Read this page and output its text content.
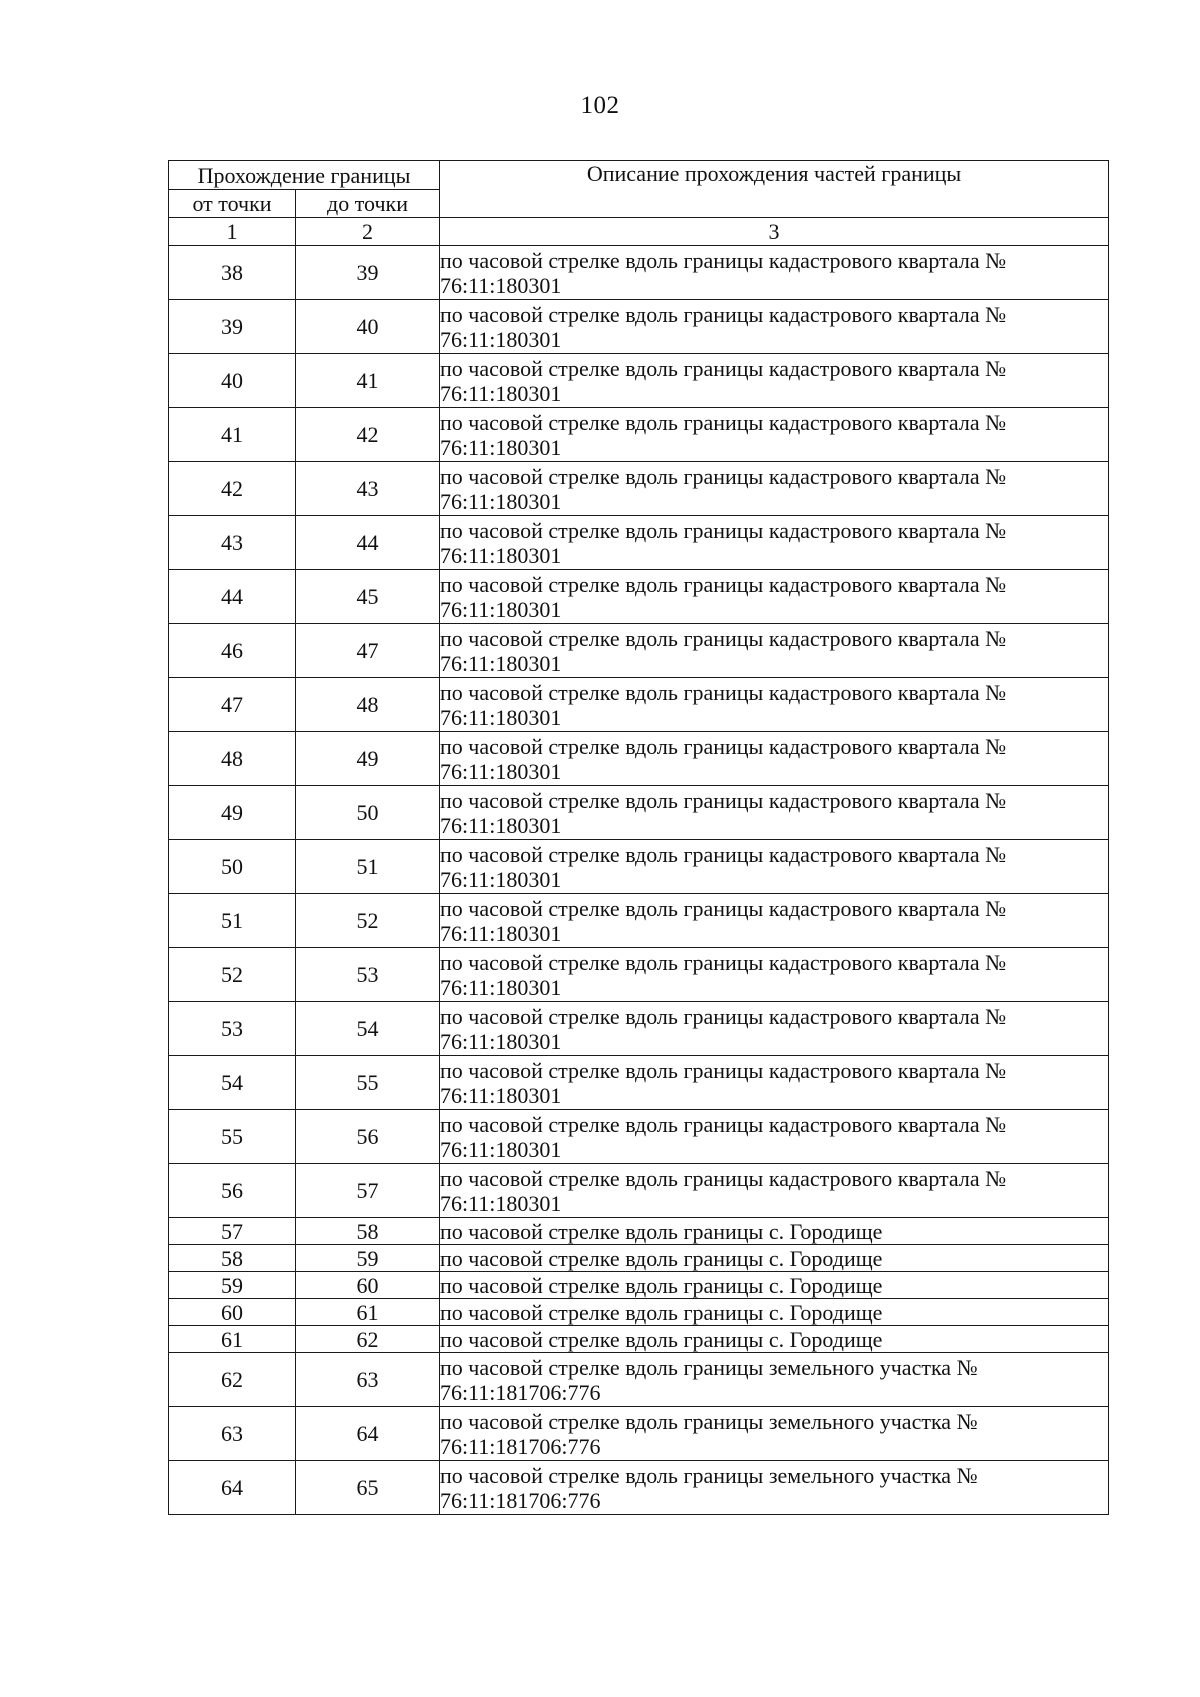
102
Прохождение границы		Описание прохождения частей границы
от точки	до точки	
1	2	3
38	39	по часовой стрелке вдоль границы кадастрового квартала №
76:11:180301

39	40	по часовой стрелке вдоль границы кадастрового квартала №
76:11:180301

40	41	по часовой стрелке вдоль границы кадастрового квартала №
76:11:180301

41	42	по часовой стрелке вдоль границы кадастрового квартала №
76:11:180301

42	43	по часовой стрелке вдоль границы кадастрового квартала №
76:11:180301

43	44	по часовой стрелке вдоль границы кадастрового квартала №
76:11:180301

44	45	по часовой стрелке вдоль границы кадастрового квартала №
76:11:180301

46	47	по часовой стрелке вдоль границы кадастрового квартала №
76:11:180301

47	48	по часовой стрелке вдоль границы кадастрового квартала №
76:11:180301

48	49	по часовой стрелке вдоль границы кадастрового квартала №
76:11:180301

49	50	по часовой стрелке вдоль границы кадастрового квартала №
76:11:180301

50	51	по часовой стрелке вдоль границы кадастрового квартала №
76:11:180301

51	52	по часовой стрелке вдоль границы кадастрового квартала №
76:11:180301

52	53	по часовой стрелке вдоль границы кадастрового квартала №
76:11:180301

53	54	по часовой стрелке вдоль границы кадастрового квартала №
76:11:180301

54	55	по часовой стрелке вдоль границы кадастрового квартала №
76:11:180301

55	56	по часовой стрелке вдоль границы кадастрового квартала №
76:11:180301

56	57	по часовой стрелке вдоль границы кадастрового квартала №
76:11:180301

57	58	по часовой стрелке вдоль границы с. Городище

58	59	по часовой стрелке вдоль границы с. Городище

59	60	по часовой стрелке вдоль границы с. Городище

60	61	по часовой стрелке вдоль границы с. Городище

61	62	по часовой стрелке вдоль границы с. Городище

62	63	по часовой стрелке вдоль границы земельного участка №
76:11:181706:776

63	64	по часовой стрелке вдоль границы земельного участка №
76:11:181706:776

64	65	по часовой стрелке вдоль границы земельного участка №
76:11:181706:776
